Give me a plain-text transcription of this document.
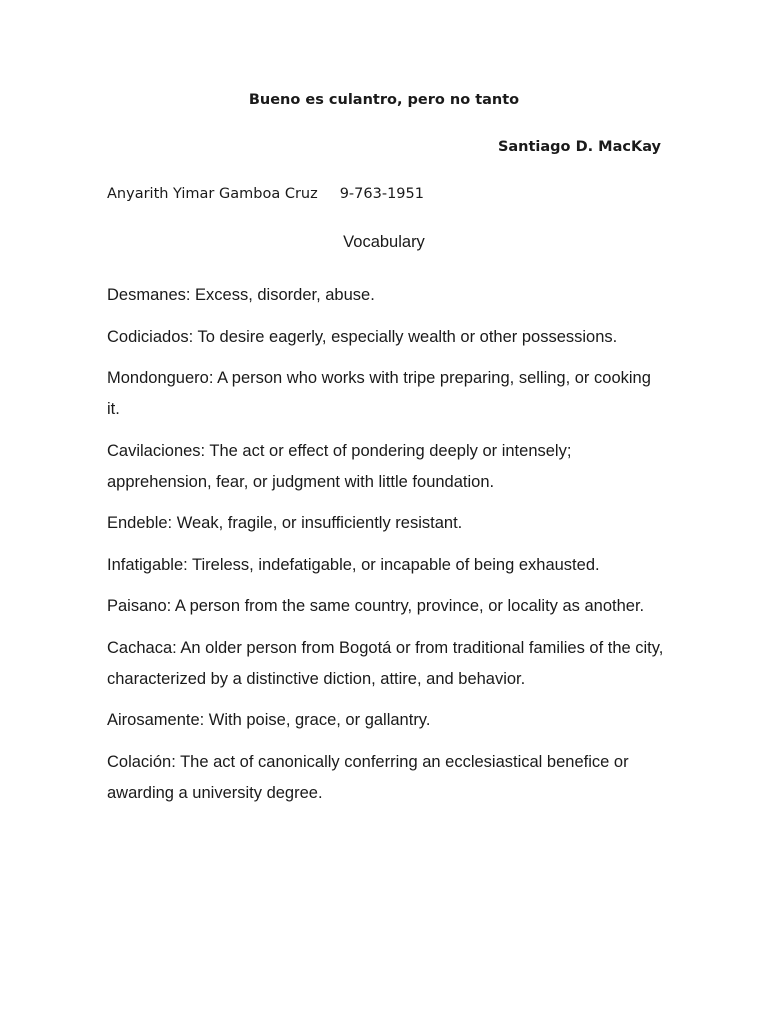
Bueno es culantro, pero no tanto
Santiago D. MacKay
Anyarith Yimar Gamboa Cruz 9-763-1951
Vocabulary
Desmanes: Excess, disorder, abuse.
Codiciados: To desire eagerly, especially wealth or other possessions.
Mondonguero: A person who works with tripe preparing, selling, or cooking it.
Cavilaciones: The act or effect of pondering deeply or intensely; apprehension, fear, or judgment with little foundation.
Endeble: Weak, fragile, or insufficiently resistant.
Infatigable: Tireless, indefatigable, or incapable of being exhausted.
Paisano: A person from the same country, province, or locality as another.
Cachaca: An older person from Bogotá or from traditional families of the city, characterized by a distinctive diction, attire, and behavior.
Airosamente: With poise, grace, or gallantry.
Colación: The act of canonically conferring an ecclesiastical benefice or awarding a university degree.
